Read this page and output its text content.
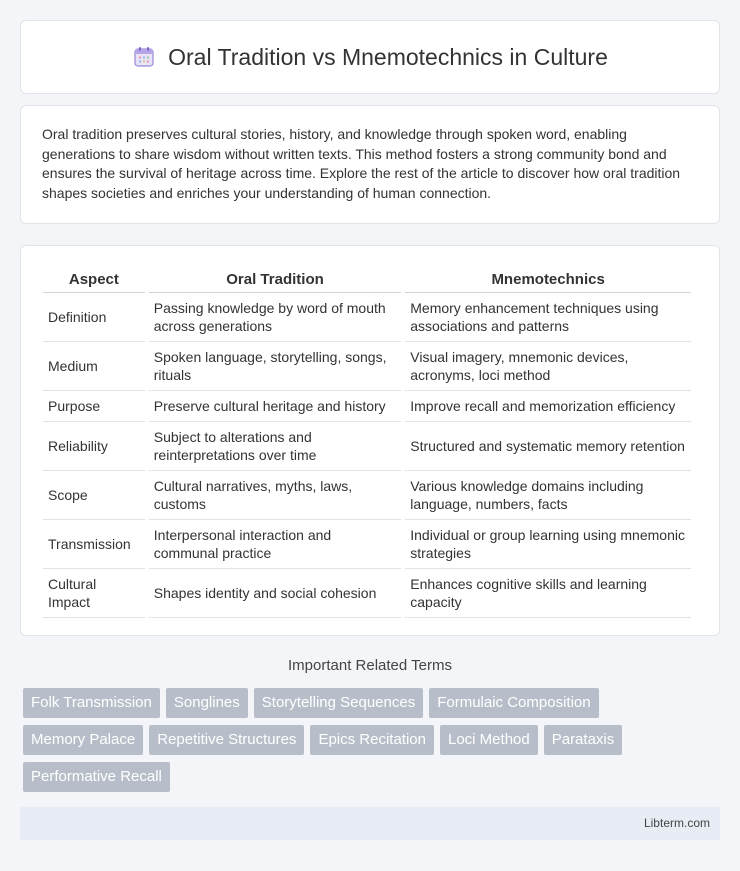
Oral Tradition vs Mnemotechnics in Culture

Oral tradition preserves cultural stories, history, and knowledge through spoken word, enabling generations to share wisdom without written texts. This method fosters a strong community bond and ensures the survival of heritage across time. Explore the rest of the article to discover how oral tradition shapes societies and enriches your understanding of human connection.

Aspect	Oral Tradition	Mnemotechnics
Definition	Passing knowledge by word of mouth across generations	Memory enhancement techniques using associations and patterns
Medium	Spoken language, storytelling, songs, rituals	Visual imagery, mnemonic devices, acronyms, loci method
Purpose	Preserve cultural heritage and history	Improve recall and memorization efficiency
Reliability	Subject to alterations and reinterpretations over time	Structured and systematic memory retention
Scope	Cultural narratives, myths, laws, customs	Various knowledge domains including language, numbers, facts
Transmission	Interpersonal interaction and communal practice	Individual or group learning using mnemonic strategies
Cultural Impact	Shapes identity and social cohesion	Enhances cognitive skills and learning capacity
Important Related Terms
Folk Transmission	Songlines	Storytelling Sequences	Formulaic Composition
Memory Palace	Repetitive Structures	Epics Recitation	Loci Method	Parataxis
Performative Recall
Libterm.com
